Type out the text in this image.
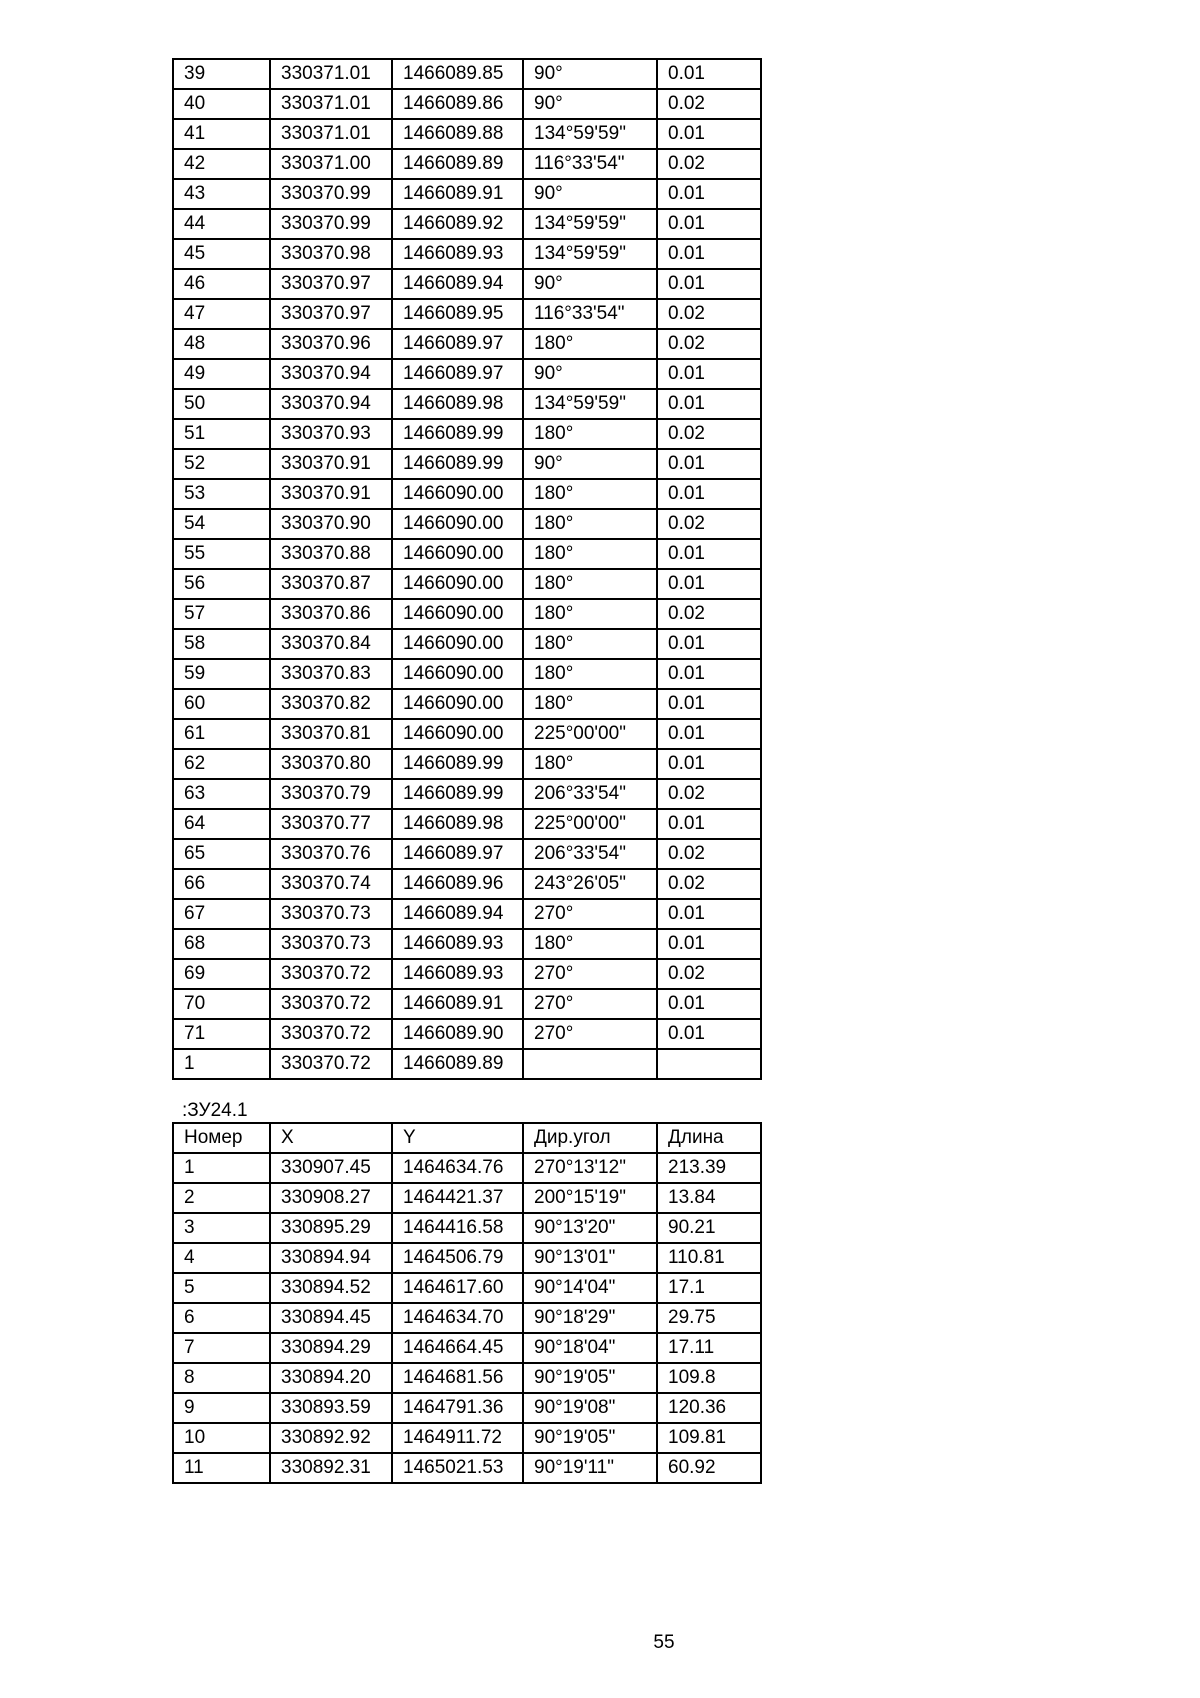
39	330371.01	1466089.85	90°	0.01
40	330371.01	1466089.86	90°	0.02
41	330371.01	1466089.88	134°59'59"	0.01
42	330371.00	1466089.89	116°33'54"	0.02
43	330370.99	1466089.91	90°	0.01
44	330370.99	1466089.92	134°59'59"	0.01
45	330370.98	1466089.93	134°59'59"	0.01
46	330370.97	1466089.94	90°	0.01
47	330370.97	1466089.95	116°33'54"	0.02
48	330370.96	1466089.97	180°	0.02
49	330370.94	1466089.97	90°	0.01
50	330370.94	1466089.98	134°59'59"	0.01
51	330370.93	1466089.99	180°	0.02
52	330370.91	1466089.99	90°	0.01
53	330370.91	1466090.00	180°	0.01
54	330370.90	1466090.00	180°	0.02
55	330370.88	1466090.00	180°	0.01
56	330370.87	1466090.00	180°	0.01
57	330370.86	1466090.00	180°	0.02
58	330370.84	1466090.00	180°	0.01
59	330370.83	1466090.00	180°	0.01
60	330370.82	1466090.00	180°	0.01
61	330370.81	1466090.00	225°00'00"	0.01
62	330370.80	1466089.99	180°	0.01
63	330370.79	1466089.99	206°33'54"	0.02
64	330370.77	1466089.98	225°00'00"	0.01
65	330370.76	1466089.97	206°33'54"	0.02
66	330370.74	1466089.96	243°26'05"	0.02
67	330370.73	1466089.94	270°	0.01
68	330370.73	1466089.93	180°	0.01
69	330370.72	1466089.93	270°	0.02
70	330370.72	1466089.91	270°	0.01
71	330370.72	1466089.90	270°	0.01
1	330370.72	1466089.89		
:ЗУ24.1
Номер	X	Y	Дир.угол	Длина
1	330907.45	1464634.76	270°13'12"	213.39
2	330908.27	1464421.37	200°15'19"	13.84
3	330895.29	1464416.58	90°13'20"	90.21
4	330894.94	1464506.79	90°13'01"	110.81
5	330894.52	1464617.60	90°14'04"	17.1
6	330894.45	1464634.70	90°18'29"	29.75
7	330894.29	1464664.45	90°18'04"	17.11
8	330894.20	1464681.56	90°19'05"	109.8
9	330893.59	1464791.36	90°19'08"	120.36
10	330892.92	1464911.72	90°19'05"	109.81
11	330892.31	1465021.53	90°19'11"	60.92
55
